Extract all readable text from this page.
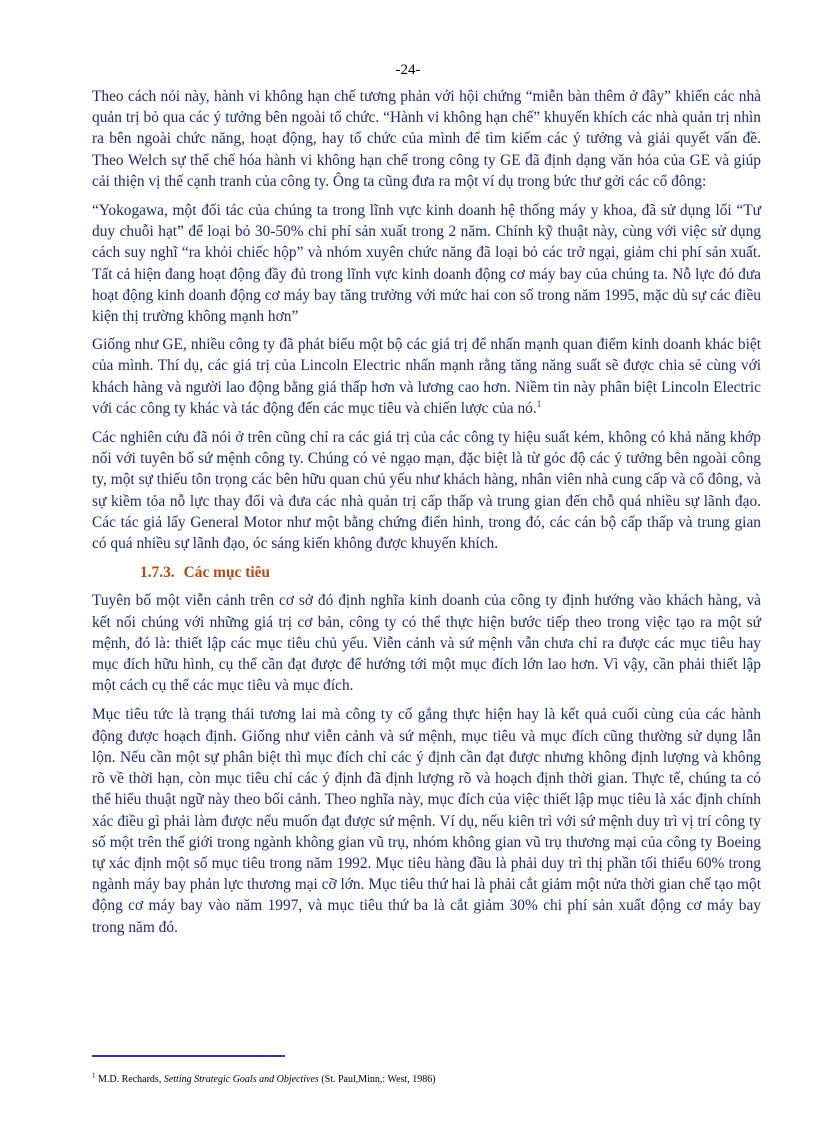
-24-

Theo cách nói này, hành vi không hạn chế tương phản với hội chứng “miễn bàn thêm ở đây” khiến các nhà quản trị bỏ qua các ý tưởng bên ngoài tổ chức. “Hành vi không hạn chế” khuyến khích các nhà quản trị nhìn ra bên ngoài chức năng, hoạt động, hay tổ chức của mình để tìm kiếm các ý tưởng và giải quyết vấn đề. Theo Welch sự thể chế hóa hành vi không hạn chế trong công ty GE đã định dạng văn hóa của GE và giúp cải thiện vị thế cạnh tranh của công ty. Ông ta cũng đưa ra một ví dụ trong bức thư gởi các cổ đông:

“Yokogawa, một đối tác của chúng ta trong lĩnh vực kinh doanh hệ thống máy y khoa, đã sử dụng lối “Tư duy chuỗi hạt” để loại bỏ 30-50% chi phí sản xuất trong 2 năm. Chính kỹ thuật này, cùng với việc sử dụng cách suy nghĩ “ra khỏi chiếc hộp” và nhóm xuyên chức năng đã loại bỏ các trở ngại, giảm chi phí sản xuất. Tất cả hiện đang hoạt động đầy đủ trong lĩnh vực kinh doanh động cơ máy bay của chúng ta. Nỗ lực đó đưa hoạt động kinh doanh động cơ máy bay tăng trưởng với mức hai con số trong năm 1995, mặc dù sự các điều kiện thị trường không mạnh hơn”

Giống như GE, nhiều công ty đã phát biểu một bộ các giá trị để nhấn mạnh quan điểm kinh doanh khác biệt của mình. Thí dụ, các giá trị của Lincoln Electric nhấn mạnh rằng tăng năng suất sẽ được chia sẻ cùng với khách hàng và người lao động bằng giá thấp hơn và lương cao hơn. Niềm tin này phân biệt Lincoln Electric với các công ty khác và tác động đến các mục tiêu và chiến lược của nó.$^1$

Các nghiên cứu đã nói ở trên cũng chỉ ra các giá trị của các công ty hiệu suất kém, không có khả năng khớp nối với tuyên bố sứ mệnh công ty. Chúng có vẻ ngạo mạn, đặc biệt là từ góc độ các ý tưởng bên ngoài công ty, một sự thiếu tôn trọng các bên hữu quan chủ yếu như khách hàng, nhân viên nhà cung cấp và cổ đông, và sự kiềm tỏa nỗ lực thay đổi và đưa các nhà quản trị cấp thấp và trung gian đến chỗ quá nhiều sự lãnh đạo. Các tác giả lấy General Motor như một bằng chứng điển hình, trong đó, các cán bộ cấp thấp và trung gian có quá nhiều sự lãnh đạo, óc sáng kiến không được khuyến khích.

1.7.3. Các mục tiêu

Tuyên bố một viễn cảnh trên cơ sở đó định nghĩa kinh doanh của công ty định hướng vào khách hàng, và kết nối chúng với những giá trị cơ bản, công ty có thể thực hiện bước tiếp theo trong việc tạo ra một sứ mệnh, đó là: thiết lập các mục tiêu chủ yếu. Viễn cảnh và sứ mệnh vẫn chưa chỉ ra được các mục tiêu hay mục đích hữu hình, cụ thể cần đạt được để hướng tới một mục đích lớn lao hơn. Vì vậy, cần phải thiết lập một cách cụ thể các mục tiêu và mục đích.

Mục tiêu tức là trạng thái tương lai mà công ty cố gắng thực hiện hay là kết quả cuối cùng của các hành động được hoạch định. Giống như viễn cảnh và sứ mệnh, mục tiêu và mục đích cũng thường sử dụng lẫn lộn. Nếu cần một sự phân biệt thì mục đích chỉ các ý định cần đạt được nhưng không định lượng và không rõ về thời hạn, còn mục tiêu chỉ các ý định đã định lượng rõ và hoạch định thời gian. Thực tế, chúng ta có thể hiểu thuật ngữ này theo bối cảnh. Theo nghĩa này, mục đích của việc thiết lập mục tiêu là xác định chính xác điều gì phải làm được nếu muốn đạt được sứ mệnh. Ví dụ, nếu kiên trì với sứ mệnh duy trì vị trí công ty số một trên thế giới trong ngành không gian vũ trụ, nhóm không gian vũ trụ thương mại của công ty Boeing tự xác định một số mục tiêu trong năm 1992. Mục tiêu hàng đầu là phải duy trì thị phần tối thiểu 60% trong ngành máy bay phản lực thương mại cỡ lớn. Mục tiêu thứ hai là phải cắt giảm một nửa thời gian chế tạo một động cơ máy bay vào năm 1997, và mục tiêu thứ ba là cắt giảm 30% chi phí sản xuất động cơ máy bay trong năm đó.

$^1$ M.D. Rechards, Setting Strategic Goals and Objectives (St. Paul,Minn,: West, 1986)
